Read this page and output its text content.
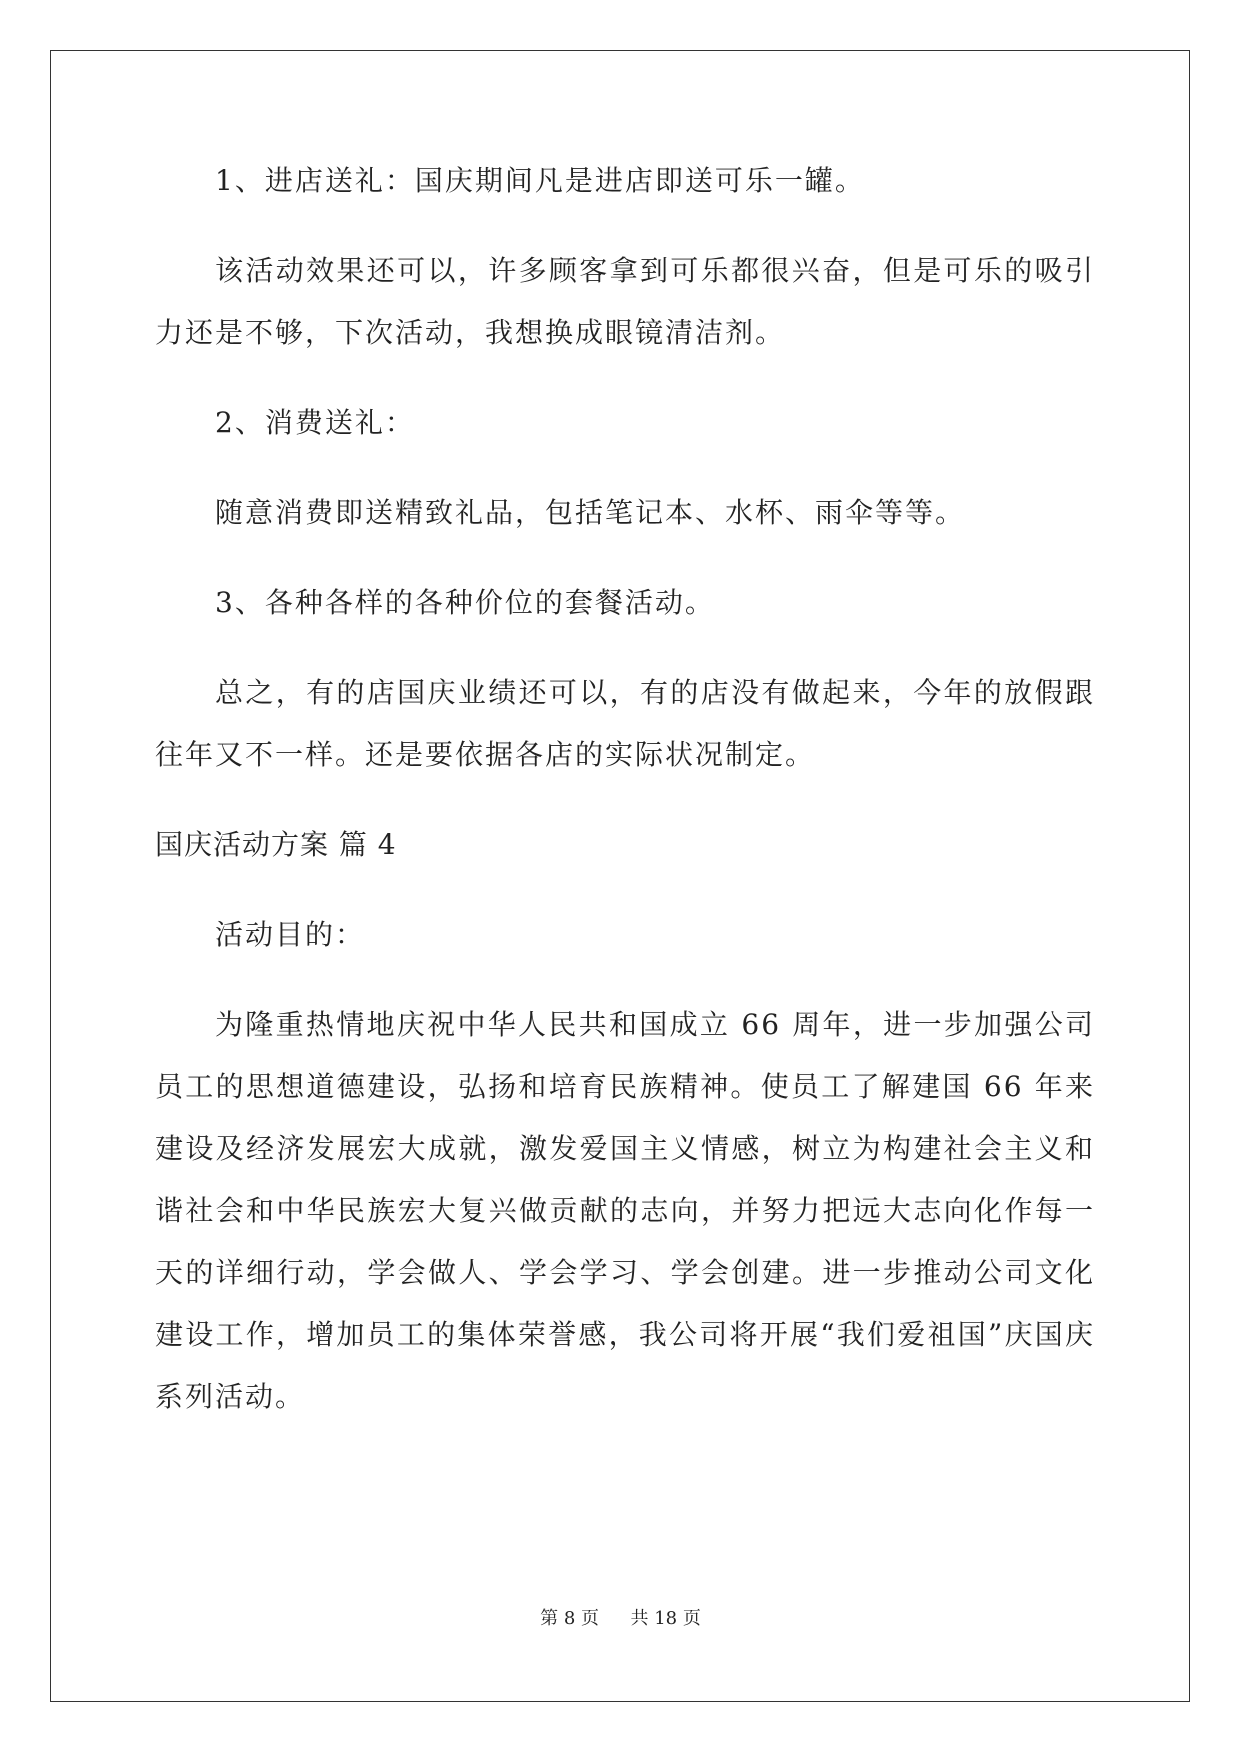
1、进店送礼：国庆期间凡是进店即送可乐一罐。

该活动效果还可以，许多顾客拿到可乐都很兴奋，但是可乐的吸引力还是不够，下次活动，我想换成眼镜清洁剂。

2、消费送礼：

随意消费即送精致礼品，包括笔记本、水杯、雨伞等等。

3、各种各样的各种价位的套餐活动。

总之，有的店国庆业绩还可以，有的店没有做起来，今年的放假跟往年又不一样。还是要依据各店的实际状况制定。

国庆活动方案 篇 4

活动目的：

为隆重热情地庆祝中华人民共和国成立 66 周年，进一步加强公司员工的思想道德建设，弘扬和培育民族精神。使员工了解建国 66 年来建设及经济发展宏大成就，激发爱国主义情感，树立为构建社会主义和谐社会和中华民族宏大复兴做贡献的志向，并努力把远大志向化作每一天的详细行动，学会做人、学会学习、学会创建。进一步推动公司文化建设工作，增加员工的集体荣誉感，我公司将开展“我们爱祖国”庆国庆系列活动。

第 8 页 共 18 页
